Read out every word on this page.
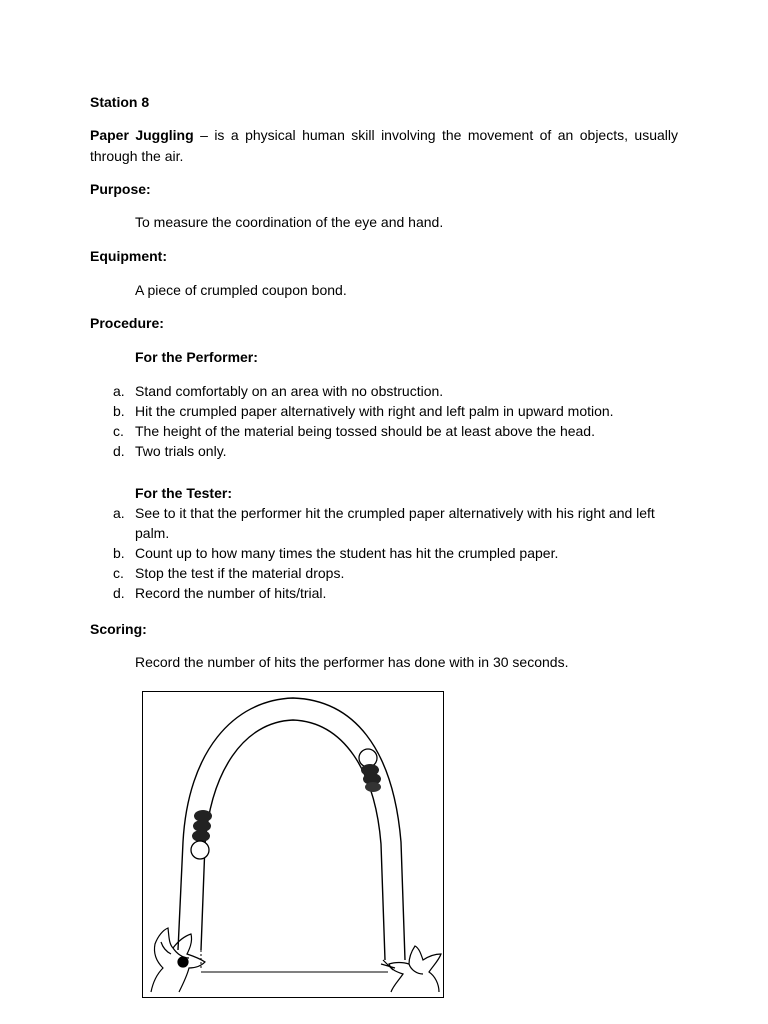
Station 8
Paper Juggling – is a physical human skill involving the movement of an objects, usually through the air.
Purpose:
To measure the coordination of the eye and hand.
Equipment:
A piece of crumpled coupon bond.
Procedure:
For the Performer:
a. Stand comfortably on an area with no obstruction.
b. Hit the crumpled paper alternatively with right and left palm in upward motion.
c. The height of the material being tossed should be at least above the head.
d. Two trials only.
For the Tester:
a. See to it that the performer hit the crumpled paper alternatively with his right and left palm.
b. Count up to how many times the student has hit the crumpled paper.
c. Stop the test if the material drops.
d. Record the number of hits/trial.
Scoring:
Record the number of hits the performer has done with in 30 seconds.
